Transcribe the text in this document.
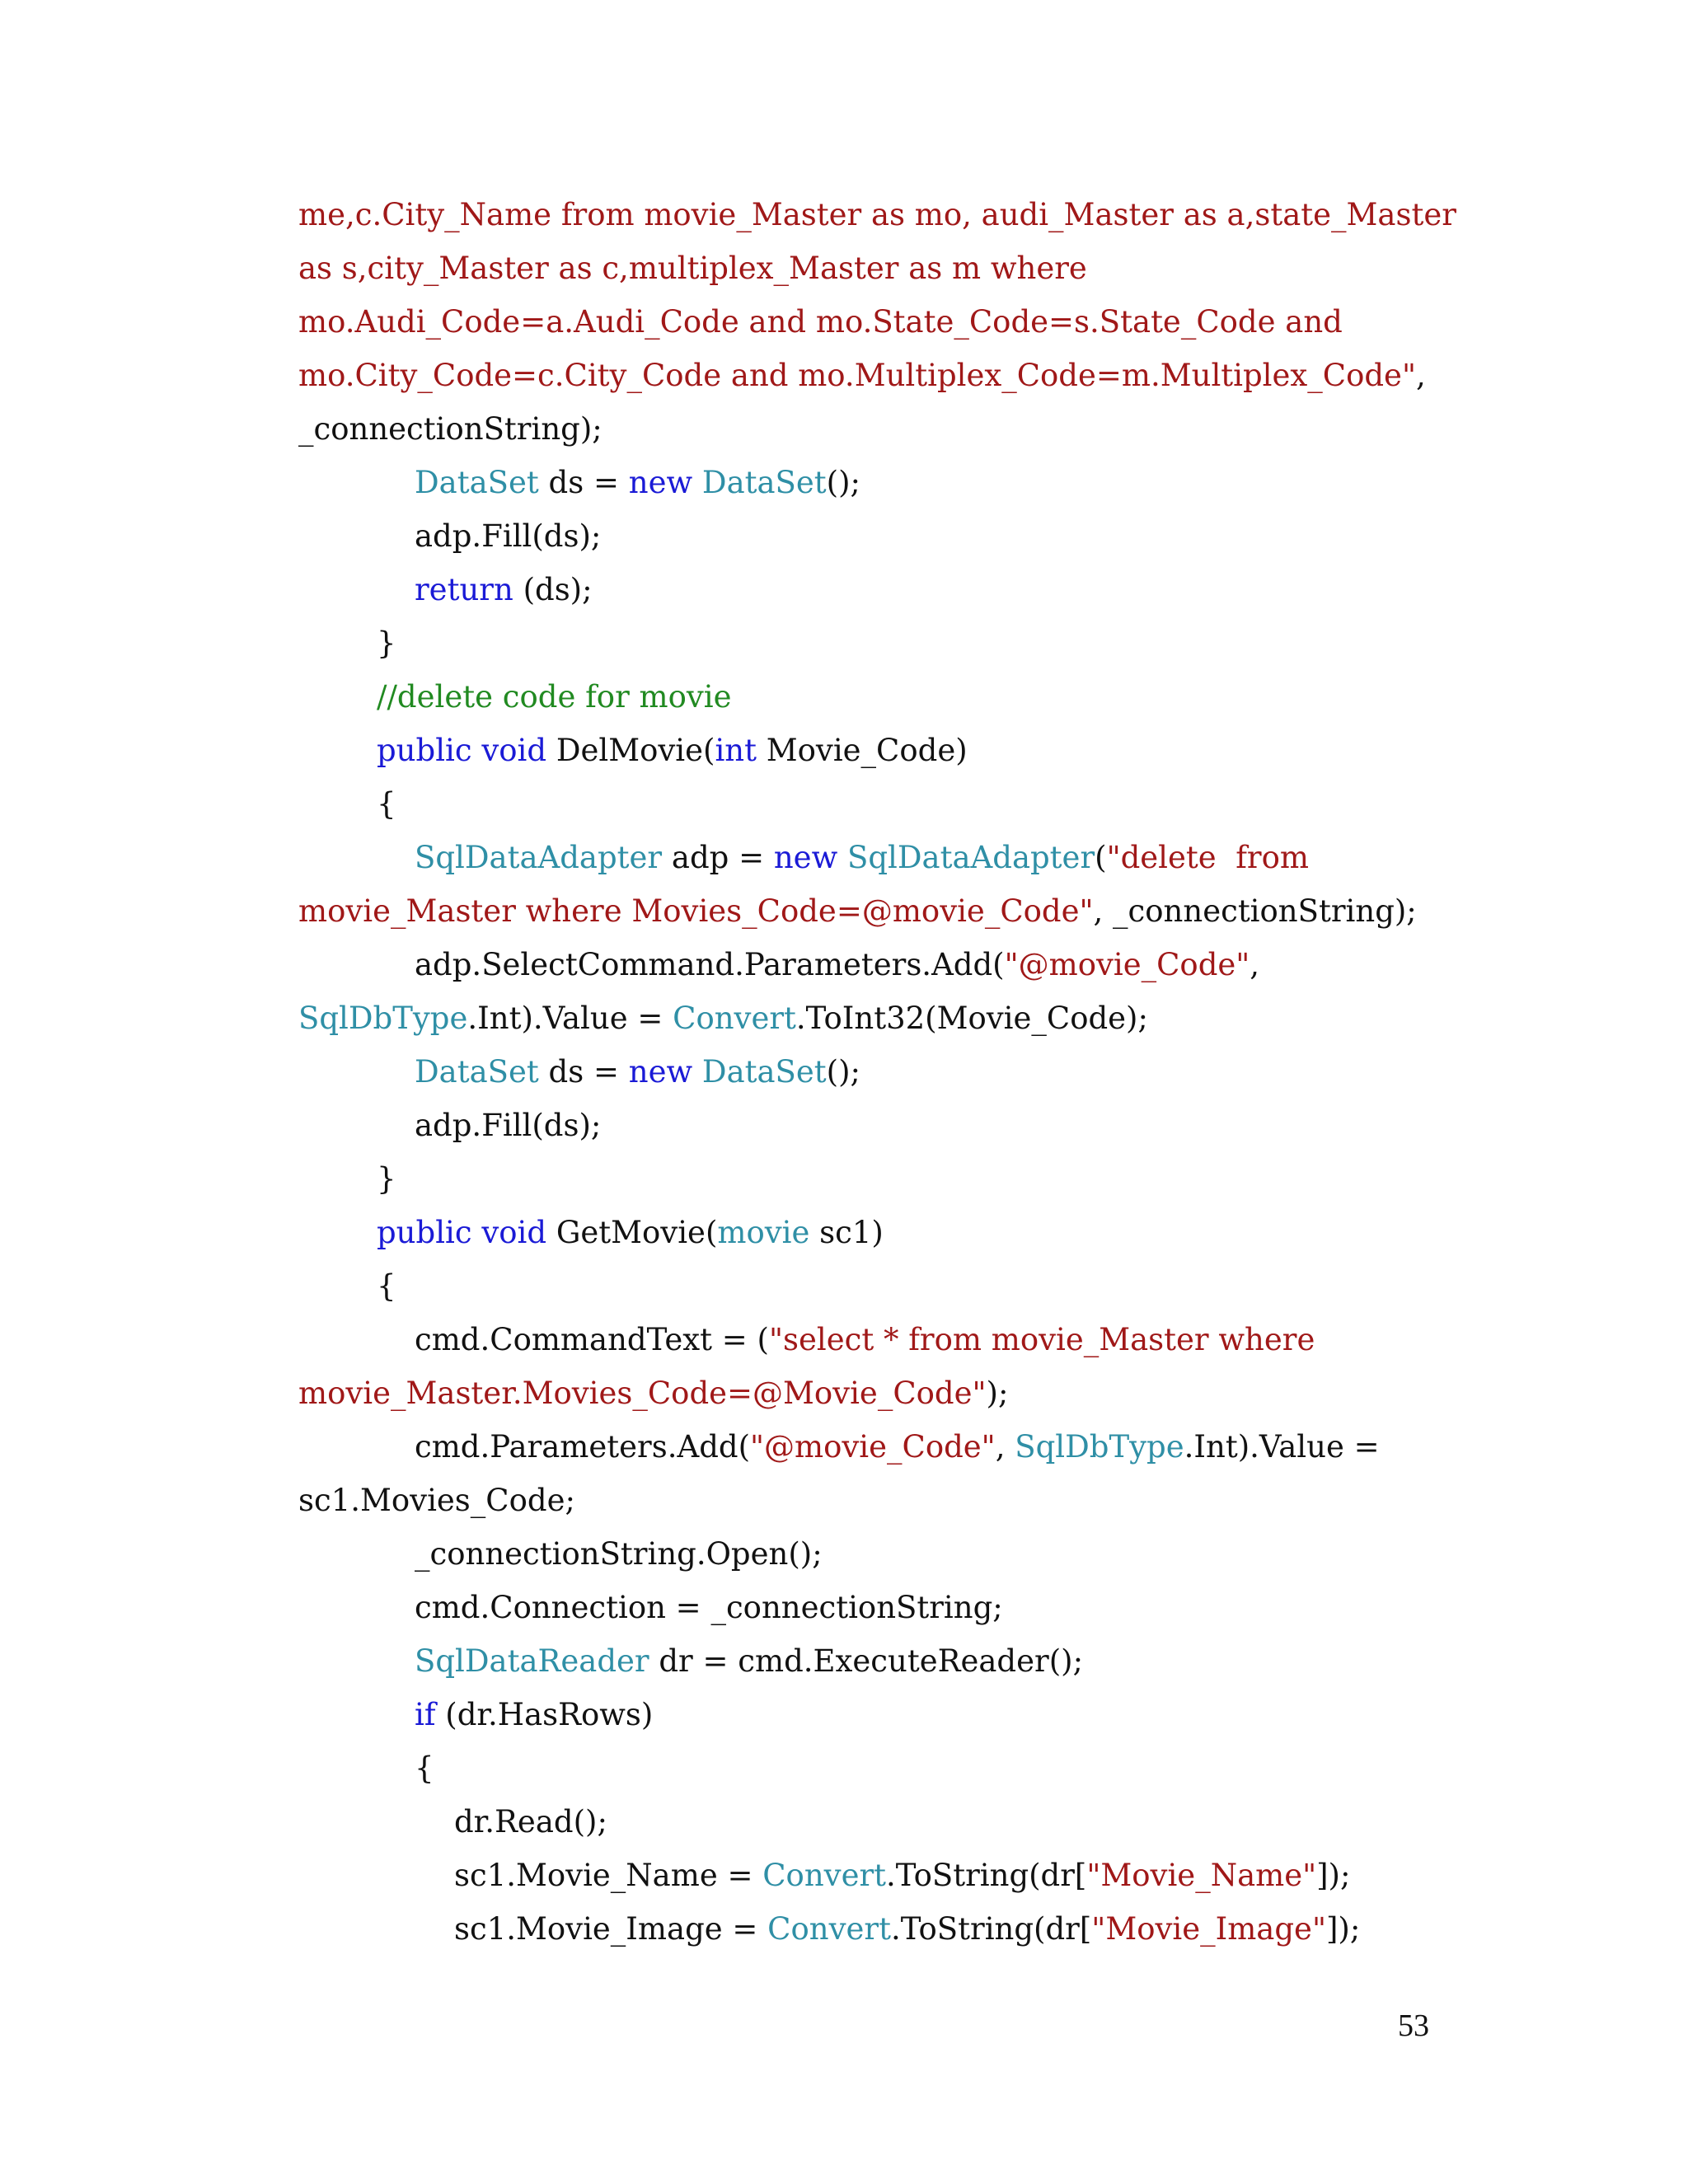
me,c.City_Name from movie_Master as mo, audi_Master as a,state_Master
as s,city_Master as c,multiplex_Master as m where
mo.Audi_Code=a.Audi_Code and mo.State_Code=s.State_Code and
mo.City_Code=c.City_Code and mo.Multiplex_Code=m.Multiplex_Code",
_connectionString);
DataSet ds = new DataSet();
adp.Fill(ds);
return (ds);
}
//delete code for movie
public void DelMovie(int Movie_Code)
{
SqlDataAdapter adp = new SqlDataAdapter("delete  from
movie_Master where Movies_Code=@movie_Code", _connectionString);
adp.SelectCommand.Parameters.Add("@movie_Code",
SqlDbType.Int).Value = Convert.ToInt32(Movie_Code);
DataSet ds = new DataSet();
adp.Fill(ds);
}
public void GetMovie(movie sc1)
{
cmd.CommandText = ("select * from movie_Master where
movie_Master.Movies_Code=@Movie_Code");
cmd.Parameters.Add("@movie_Code", SqlDbType.Int).Value =
sc1.Movies_Code;
_connectionString.Open();
cmd.Connection = _connectionString;
SqlDataReader dr = cmd.ExecuteReader();
if (dr.HasRows)
{
dr.Read();
sc1.Movie_Name = Convert.ToString(dr["Movie_Name"]);
sc1.Movie_Image = Convert.ToString(dr["Movie_Image"]);
53
